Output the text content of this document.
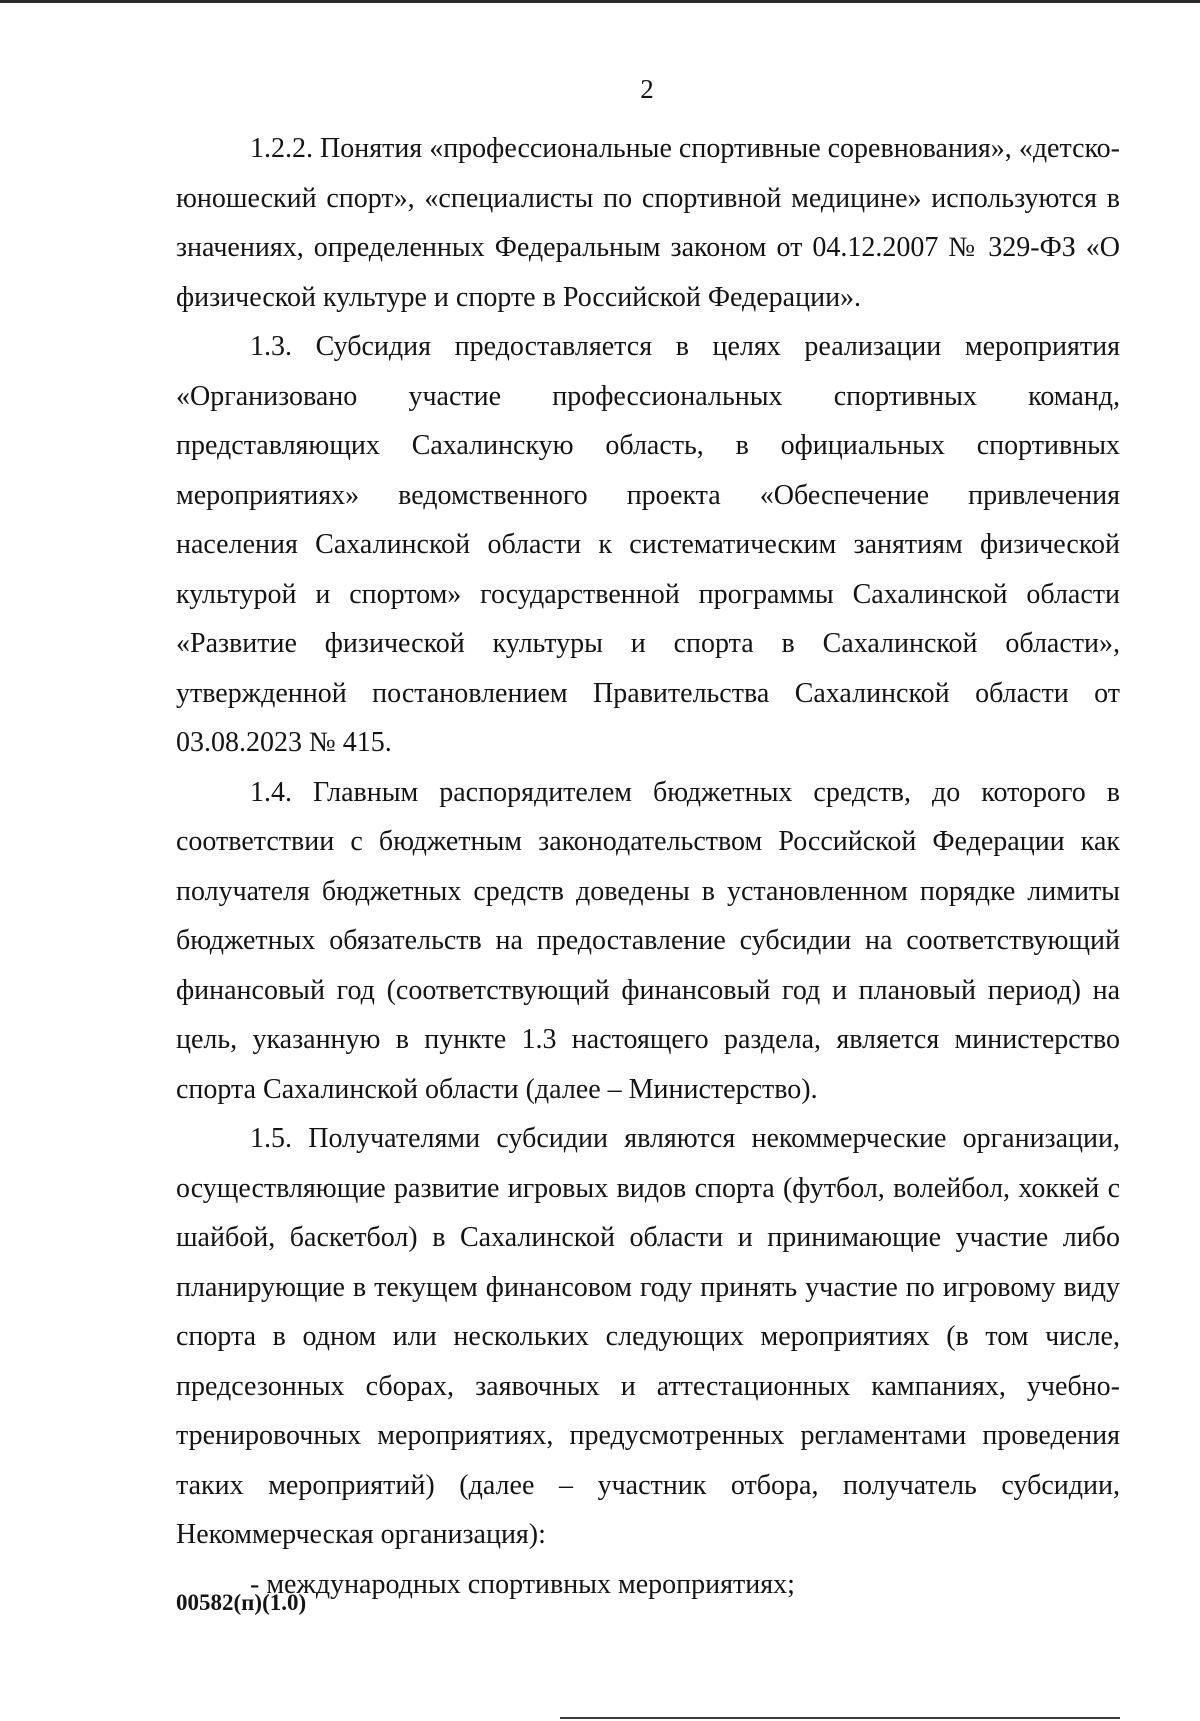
2

1.2.2. Понятия «профессиональные спортивные соревнования», «детско-юношеский спорт», «специалисты по спортивной медицине» используются в значениях, определенных Федеральным законом от 04.12.2007 № 329-ФЗ «О физической культуре и спорте в Российской Федерации».

1.3. Субсидия предоставляется в целях реализации мероприятия «Организовано участие профессиональных спортивных команд, представляющих Сахалинскую область, в официальных спортивных мероприятиях» ведомственного проекта «Обеспечение привлечения населения Сахалинской области к систематическим занятиям физической культурой и спортом» государственной программы Сахалинской области «Развитие физической культуры и спорта в Сахалинской области», утвержденной постановлением Правительства Сахалинской области от 03.08.2023 № 415.

1.4. Главным распорядителем бюджетных средств, до которого в соответствии с бюджетным законодательством Российской Федерации как получателя бюджетных средств доведены в установленном порядке лимиты бюджетных обязательств на предоставление субсидии на соответствующий финансовый год (соответствующий финансовый год и плановый период) на цель, указанную в пункте 1.3 настоящего раздела, является министерство спорта Сахалинской области (далее – Министерство).

1.5. Получателями субсидии являются некоммерческие организации, осуществляющие развитие игровых видов спорта (футбол, волейбол, хоккей с шайбой, баскетбол) в Сахалинской области и принимающие участие либо планирующие в текущем финансовом году принять участие по игровому виду спорта в одном или нескольких следующих мероприятиях (в том числе, предсезонных сборах, заявочных и аттестационных кампаниях, учебно-тренировочных мероприятиях, предусмотренных регламентами проведения таких мероприятий) (далее – участник отбора, получатель субсидии, Некоммерческая организация):

- международных спортивных мероприятиях;

00582(п)(1.0)
